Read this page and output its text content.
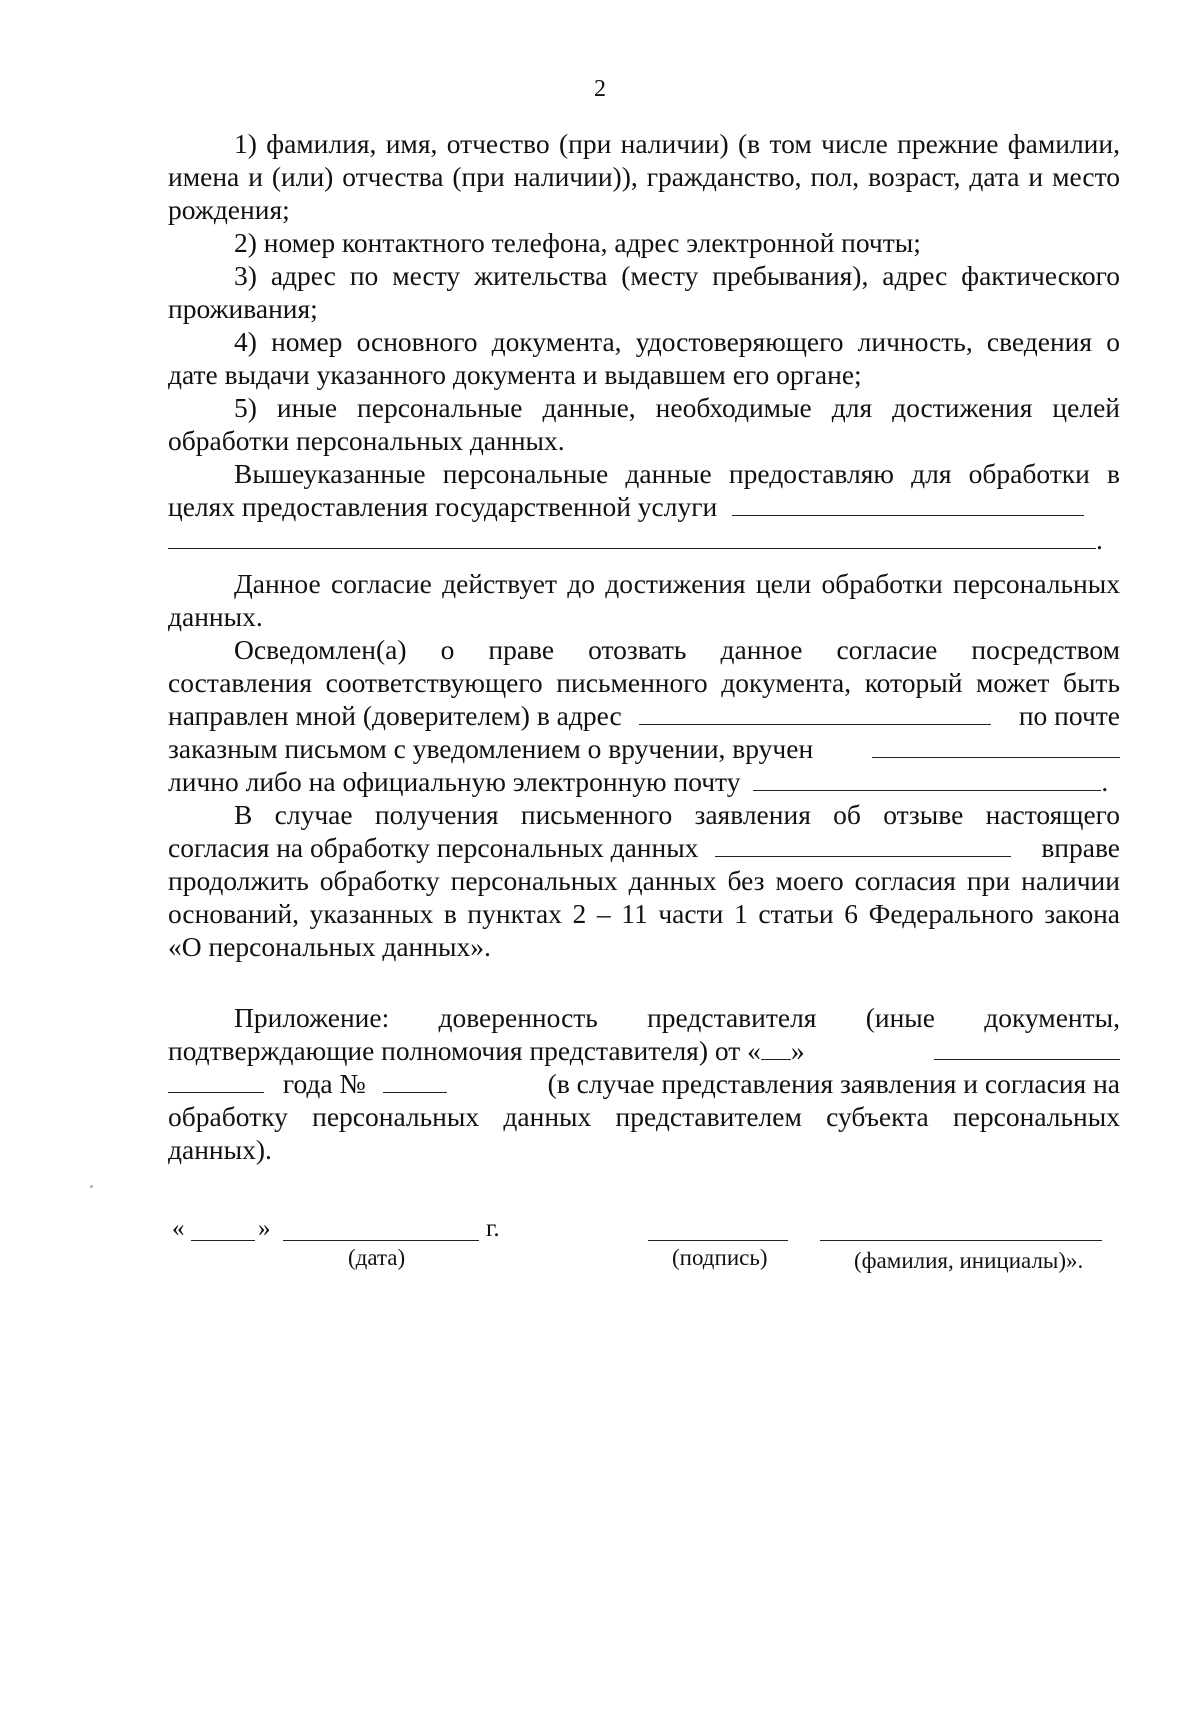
2
1) фамилия, имя, отчество (при наличии) (в том числе прежние фамилии,
имена и (или) отчества (при наличии)), гражданство, пол, возраст, дата и место
рождения;
2) номер контактного телефона, адрес электронной почты;
3) адрес по месту жительства (месту пребывания), адрес фактического
проживания;
4) номер основного документа, удостоверяющего личность, сведения о
дате выдачи указанного документа и выдавшем его органе;
5) иные персональные данные, необходимые для достижения целей
обработки персональных данных.
Вышеуказанные персональные данные предоставляю для обработки в
целях предоставления государственной услуги
.
Данное согласие действует до достижения цели обработки персональных
данных.
Осведомлен(а) о праве отозвать данное согласие посредством
составления соответствующего письменного документа, который может быть
направлен мной (доверителем) в адрес	по почте
заказным письмом с уведомлением о вручении, вручен
лично либо на официальную электронную почту	.
В случае получения письменного заявления об отзыве настоящего
согласия на обработку персональных данных	вправе
продолжить обработку персональных данных без моего согласия при наличии
оснований, указанных в пунктах 2 – 11 части 1 статьи 6 Федерального закона
«О персональных данных».
Приложение: доверенность представителя (иные документы,
подтверждающие полномочия представителя) от « »
года №	(в случае представления заявления и согласия на
обработку персональных данных представителем субъекта персональных
данных).
«	»	г.
(дата)	(подпись)	(фамилия, инициалы)».
